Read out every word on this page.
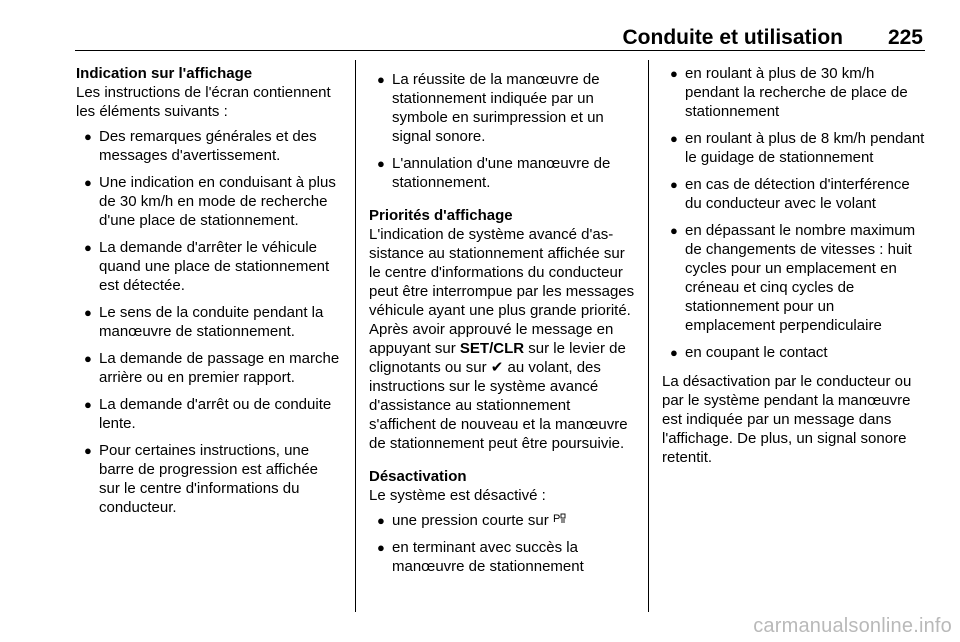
Conduite et utilisation 225
Indication sur l'affichage

Les instructions de l'écran contiennent les éléments suivants :

● Des remarques générales et des messages d'avertissement.
● Une indication en conduisant à plus de 30 km/h en mode de recherche d'une place de stationnement.
● La demande d'arrêter le véhicule quand une place de stationnement est détectée.
● Le sens de la conduite pendant la manœuvre de stationnement.
● La demande de passage en marche arrière ou en premier rapport.
● La demande d'arrêt ou de conduite lente.
● Pour certaines instructions, une barre de progression est affichée sur le centre d'informations du conducteur.
● La réussite de la manœuvre de stationnement indiquée par un symbole en surimpression et un signal sonore.
● L'annulation d'une manœuvre de stationnement.
Priorités d'affichage

L'indication de système avancé d'assistance au stationnement affichée sur le centre d'informations du conducteur peut être interrompue par les messages véhicule ayant une plus grande priorité. Après avoir approuvé le message en appuyant sur SET/CLR sur le levier de clignotants ou sur ✔ au volant, des instructions sur le système avancé d'assistance au stationnement s'affichent de nouveau et la manœuvre de stationnement peut être poursuivie.

Désactivation

Le système est désactivé :

● une pression courte sur P
● en terminant avec succès la manœuvre de stationnement
● en roulant à plus de 30 km/h pendant la recherche de place de stationnement
● en roulant à plus de 8 km/h pendant le guidage de stationnement
● en cas de détection d'interférence du conducteur avec le volant
● en dépassant le nombre maximum de changements de vitesses : huit cycles pour un emplacement en créneau et cinq cycles de stationnement pour un emplacement perpendiculaire
● en coupant le contact

La désactivation par le conducteur ou par le système pendant la manœuvre est indiquée par un message dans l'affichage. De plus, un signal sonore retentit.

carmanualsonline.info
